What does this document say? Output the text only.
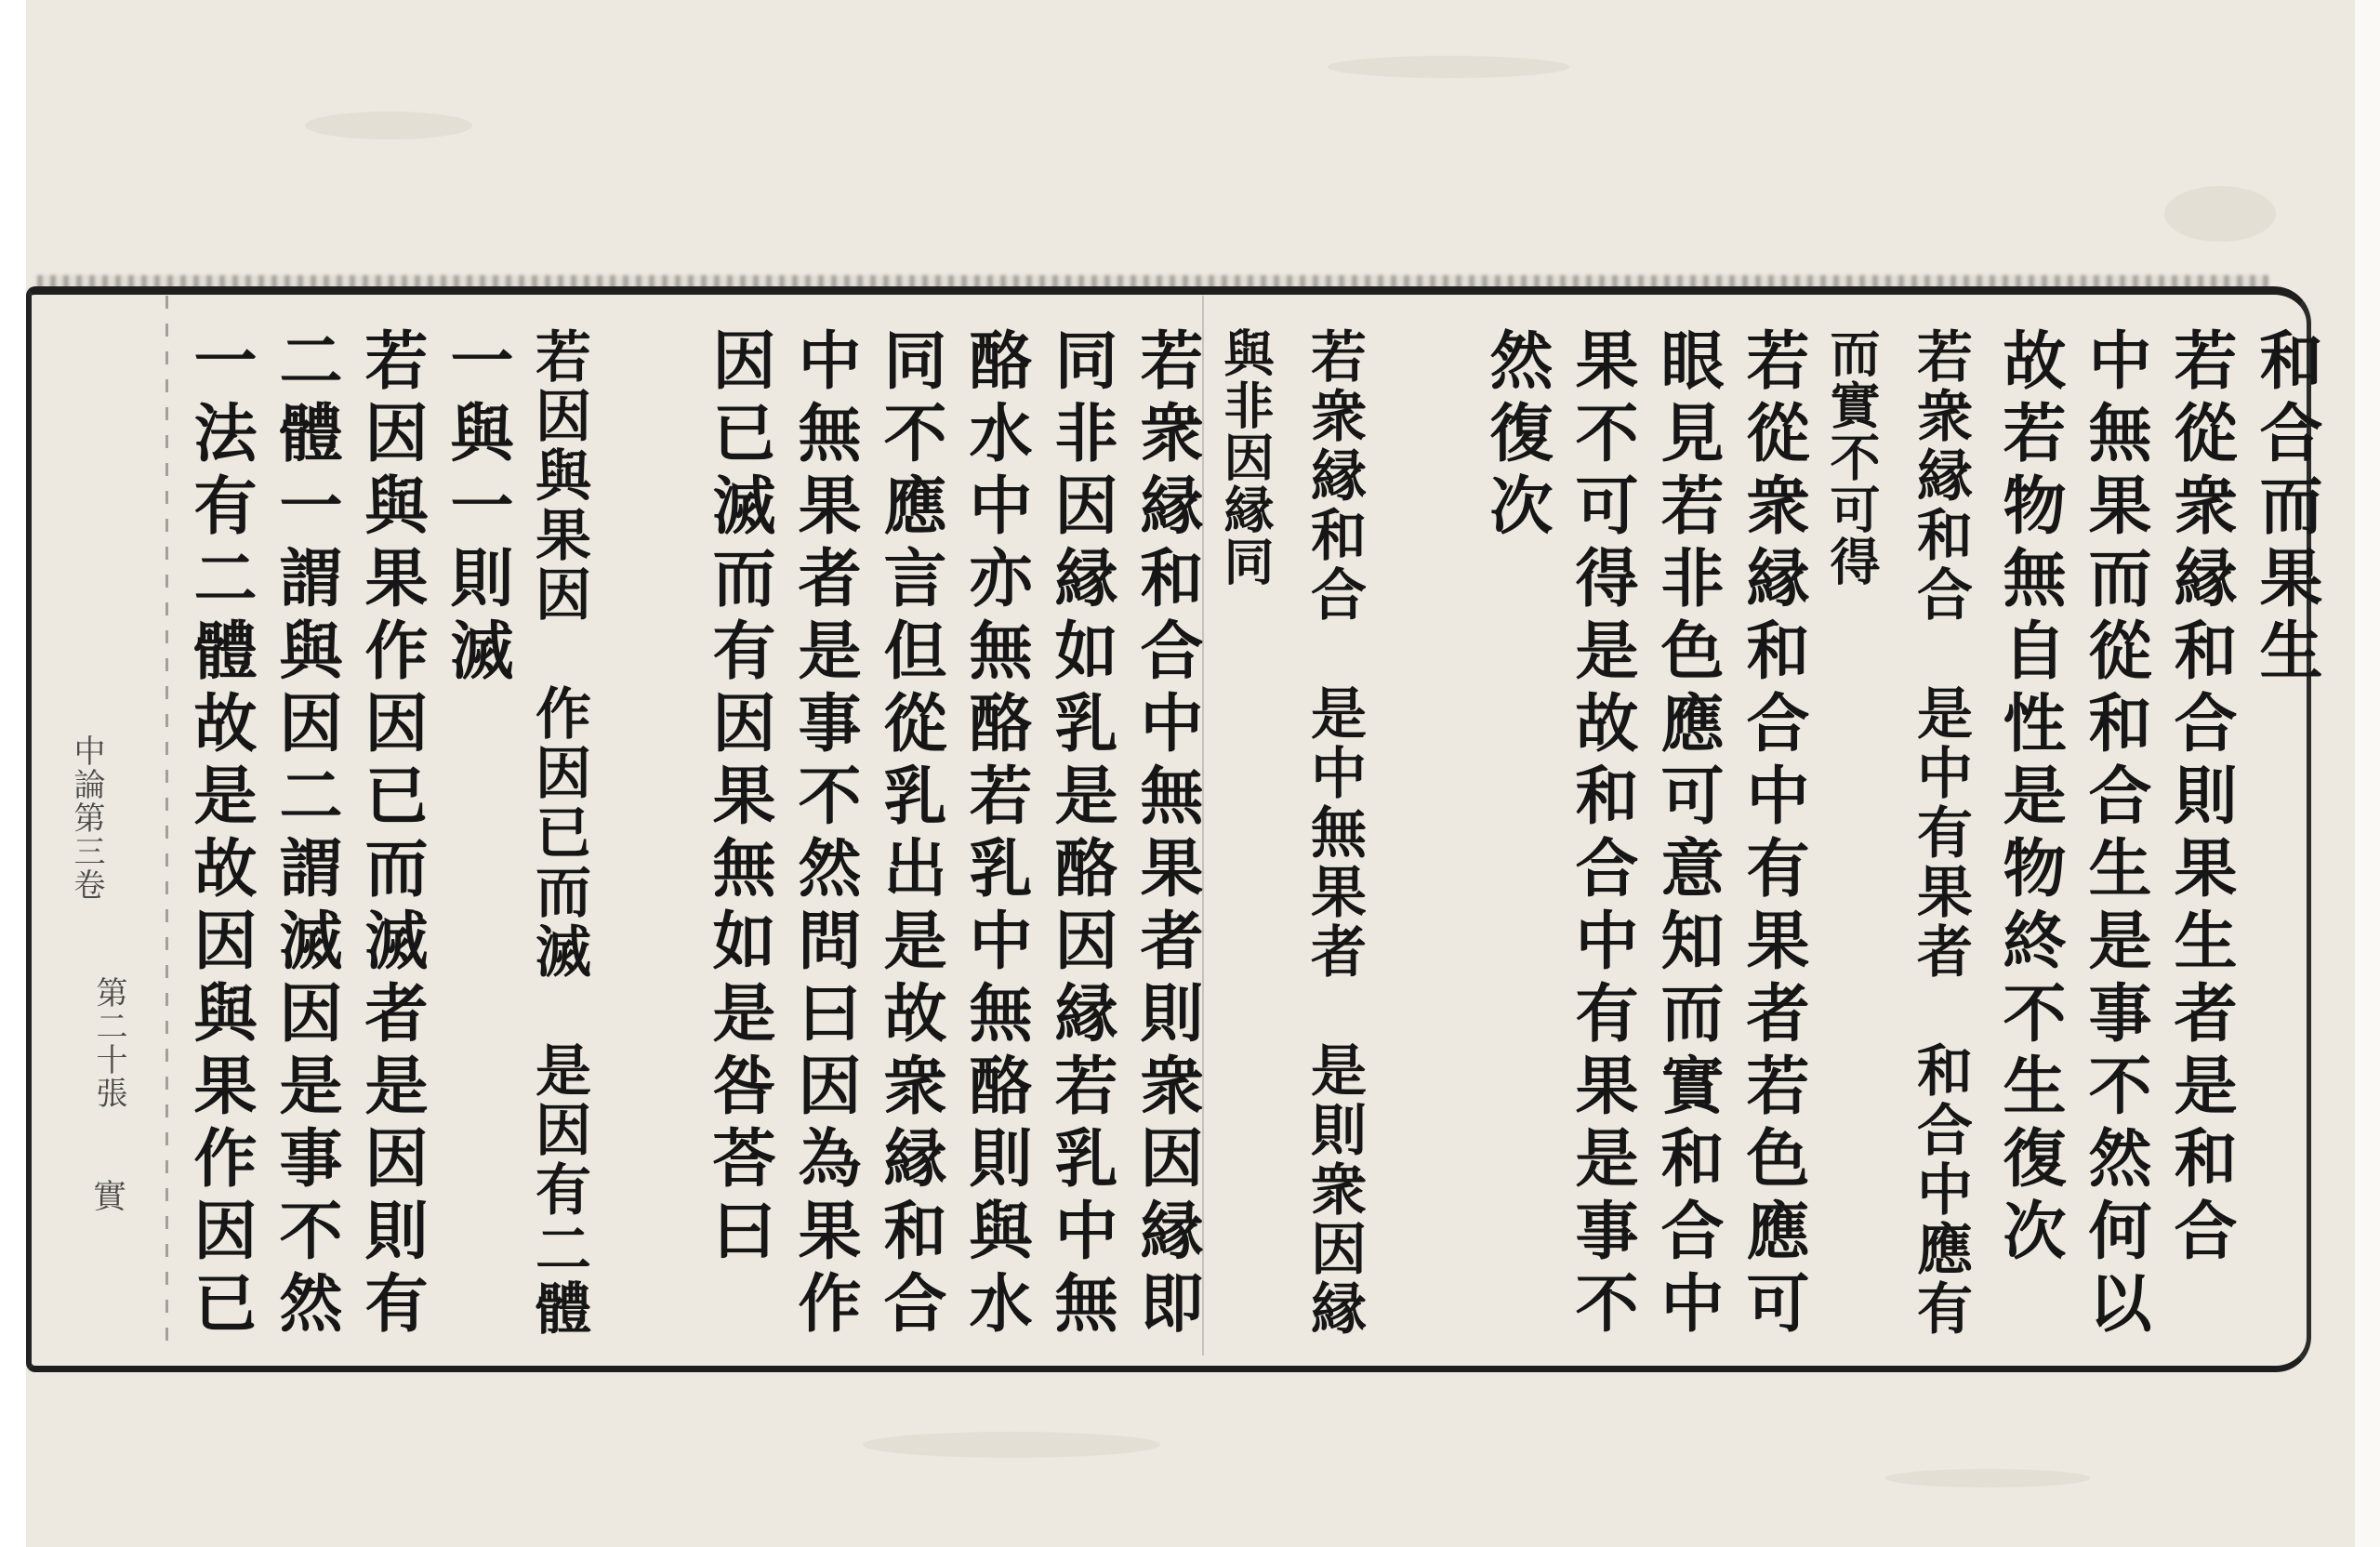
和合而果生
若從衆縁和合則果生者是和合
中無果而從和合生是事不然何以
故若物無自性是物終不生復次
若衆縁和合　是中有果者　和合中應有
而實不可得
若從衆縁和合中有果者若色應可
眼見若非色應可意知而實和合中
果不可得是故和合中有果是事不
然復次
若衆縁和合　是中無果者　是則衆因縁
與非因縁同
若衆縁和合中無果者則衆因縁即
同非因縁如乳是酪因縁若乳中無
酪水中亦無酪若乳中無酪則與水
同不應言但從乳出是故衆縁和合
中無果者是事不然問曰因為果作
因已滅而有因果無如是咎荅曰
若因與果因　作因已而滅　是因有二體
一與一則滅
若因與果作因已而滅者是因則有
二體一謂與因二謂滅因是事不然
一法有二體故是故因與果作因已
中論第三卷
第二十張
實
